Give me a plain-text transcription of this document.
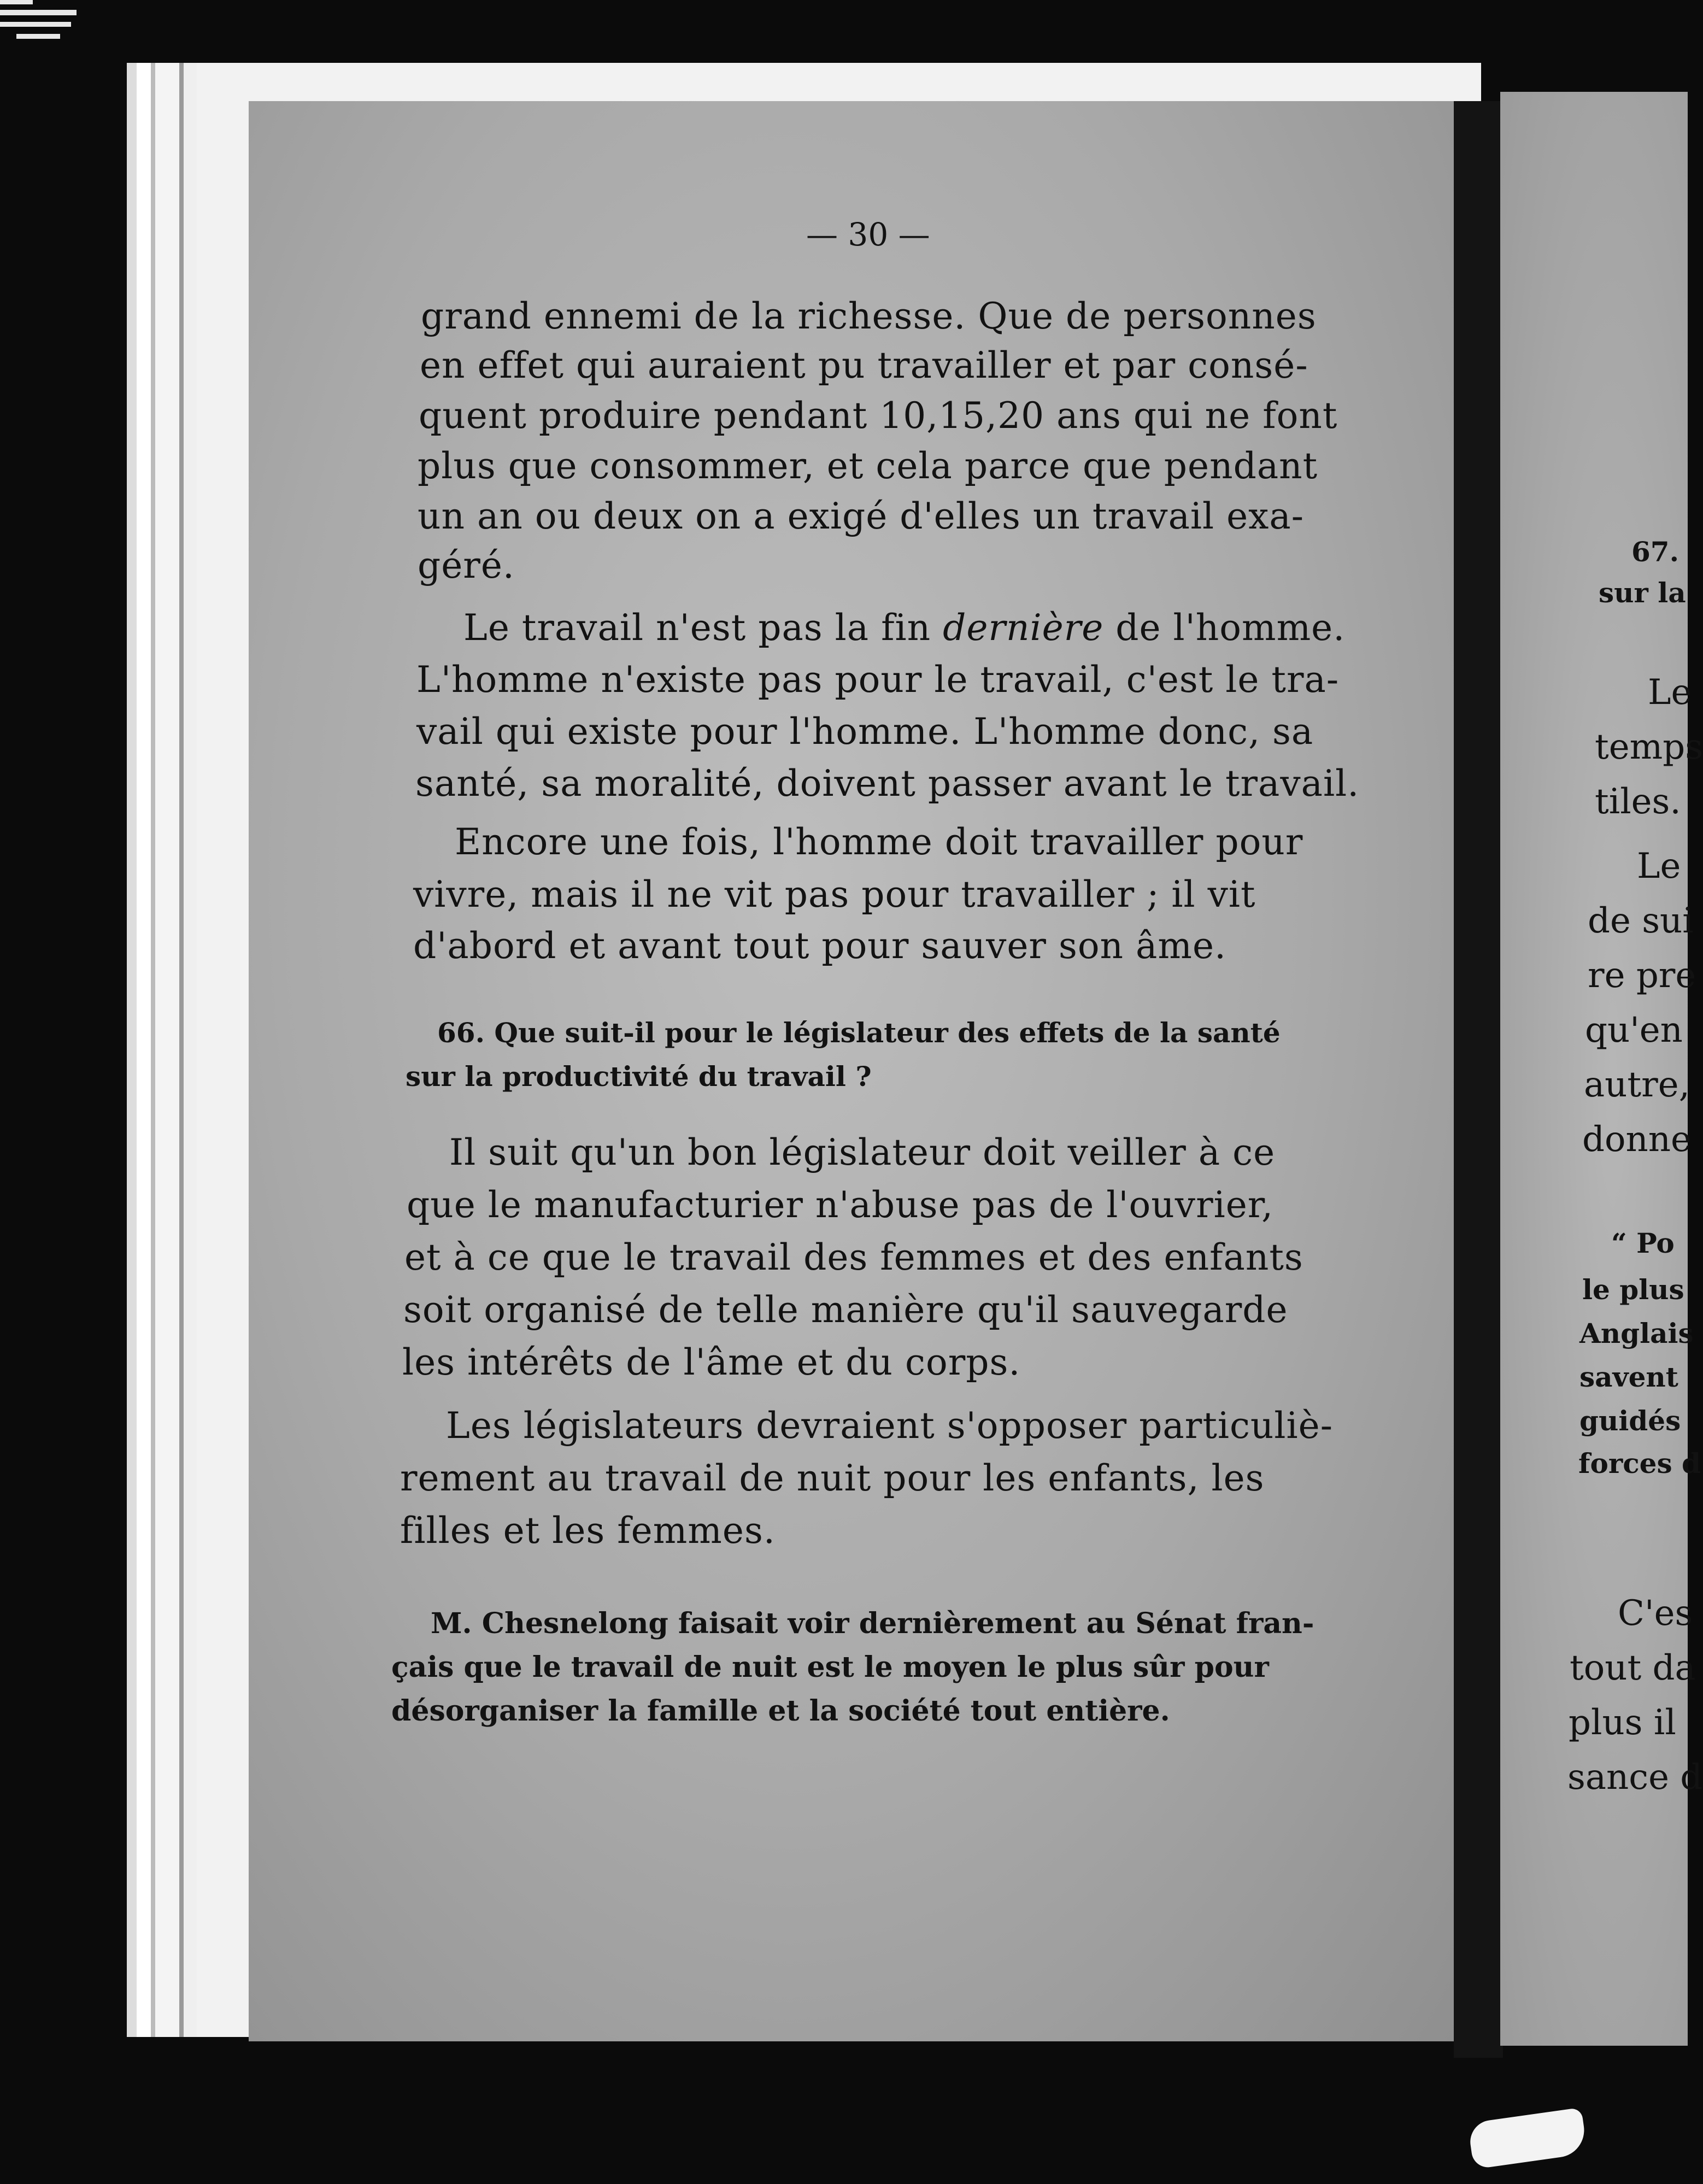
— 30 —
grand ennemi de la richesse. Que de personnes
en effet qui auraient pu travailler et par consé-
quent produire pendant 10,15,20 ans qui ne font
plus que consommer, et cela parce que pendant
un an ou deux on a exigé d'elles un travail exa-
géré.
Le travail n'est pas la fin dernière de l'homme.
L'homme n'existe pas pour le travail, c'est le tra-
vail qui existe pour l'homme. L'homme donc, sa
santé, sa moralité, doivent passer avant le travail.
Encore une fois, l'homme doit travailler pour
vivre, mais il ne vit pas pour travailler ; il vit
d'abord et avant tout pour sauver son âme.
66. Que suit-il pour le législateur des effets de la santé
sur la productivité du travail ?
Il suit qu'un bon législateur doit veiller à ce
que le manufacturier n'abuse pas de l'ouvrier,
et à ce que le travail des femmes et des enfants
soit organisé de telle manière qu'il sauvegarde
les intérêts de l'âme et du corps.
Les législateurs devraient s'opposer particuliè-
rement au travail de nuit pour les enfants, les
filles et les femmes.
M. Chesnelong faisait voir dernièrement au Sénat fran-
çais que le travail de nuit est le moyen le plus sûr pour
désorganiser la famille et la société tout entière.
67.
sur la
Le
temps
tiles.
Le
de sui
re pre
qu'en
autre,
donne
“ Po
le plus
Anglais
savent
guidés
forces d
C'es
tout da
plus il
sance d
